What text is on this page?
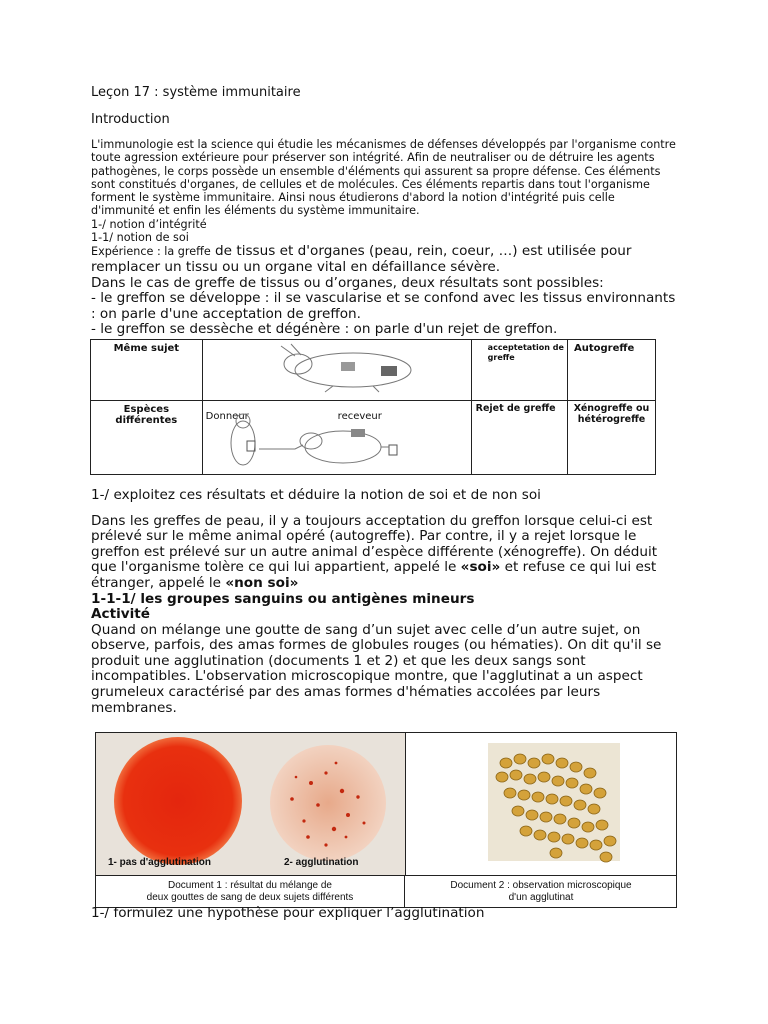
Leçon 17 : système immunitaire

Introduction
L'immunologie est la science qui étudie les mécanismes de défenses développés par l'organisme contre toute agression extérieure pour préserver son intégrité. Afin de neutraliser ou de détruire les agents pathogènes, le corps possède un ensemble d'éléments qui assurent sa propre défense. Ces éléments sont constitués d'organes, de cellules et de molécules. Ces éléments repartis dans tout l'organisme forment le système immunitaire. Ainsi nous étudierons d'abord la notion d'intégrité puis celle d'immunité et enfin les éléments du système immunitaire.
1-/ notion d’intégrité
1-1/ notion de soi
Expérience : la greffe de tissus et d'organes (peau, rein, coeur, …) est utilisée pour remplacer un tissu ou un organe vital en défaillance sévère.
Dans le cas de greffe de tissus ou d’organes, deux résultats sont possibles:
- le greffon se développe : il se vascularise et se confond avec les tissus environnants : on parle d'une acceptation de greffon.
- le greffon se dessèche et dégénère : on parle d'un rejet de greffon.
Même sujet		acceptetation de greffe	Autogreffe
Espèces différentes	Donneur receveur	Rejet de greffe	Xénogreffe ou hétérogreffe
1-/ exploitez ces résultats et déduire la notion de soi et de non soi
Dans les greffes de peau, il y a toujours acceptation du greffon lorsque celui-ci est prélevé sur le même animal opéré (autogreffe). Par contre, il y a rejet lorsque le greffon est prélevé sur un autre animal d’espèce différente (xénogreffe). On déduit que l'organisme tolère ce qui lui appartient, appelé le «soi» et refuse ce qui lui est étranger, appelé le «non soi»
1-1-1/ les groupes sanguins ou antigènes mineurs
Activité
Quand on mélange une goutte de sang d’un sujet avec celle d’un autre sujet, on observe, parfois, des amas formes de globules rouges (ou hématies). On dit qu'il se produit une agglutination (documents 1 et 2) et que les deux sangs sont incompatibles. L'observation microscopique montre, que l'agglutinat a un aspect grumeleux caractérisé par des amas formes d'hématies accolées par leurs membranes.
1- pas d'agglutination	2- agglutination
Document 1 : résultat du mélange de
deux gouttes de sang de deux sujets différents
Document 2 : observation microscopique
d'un agglutinat
1-/ formulez une hypothèse pour expliquer l’agglutination
